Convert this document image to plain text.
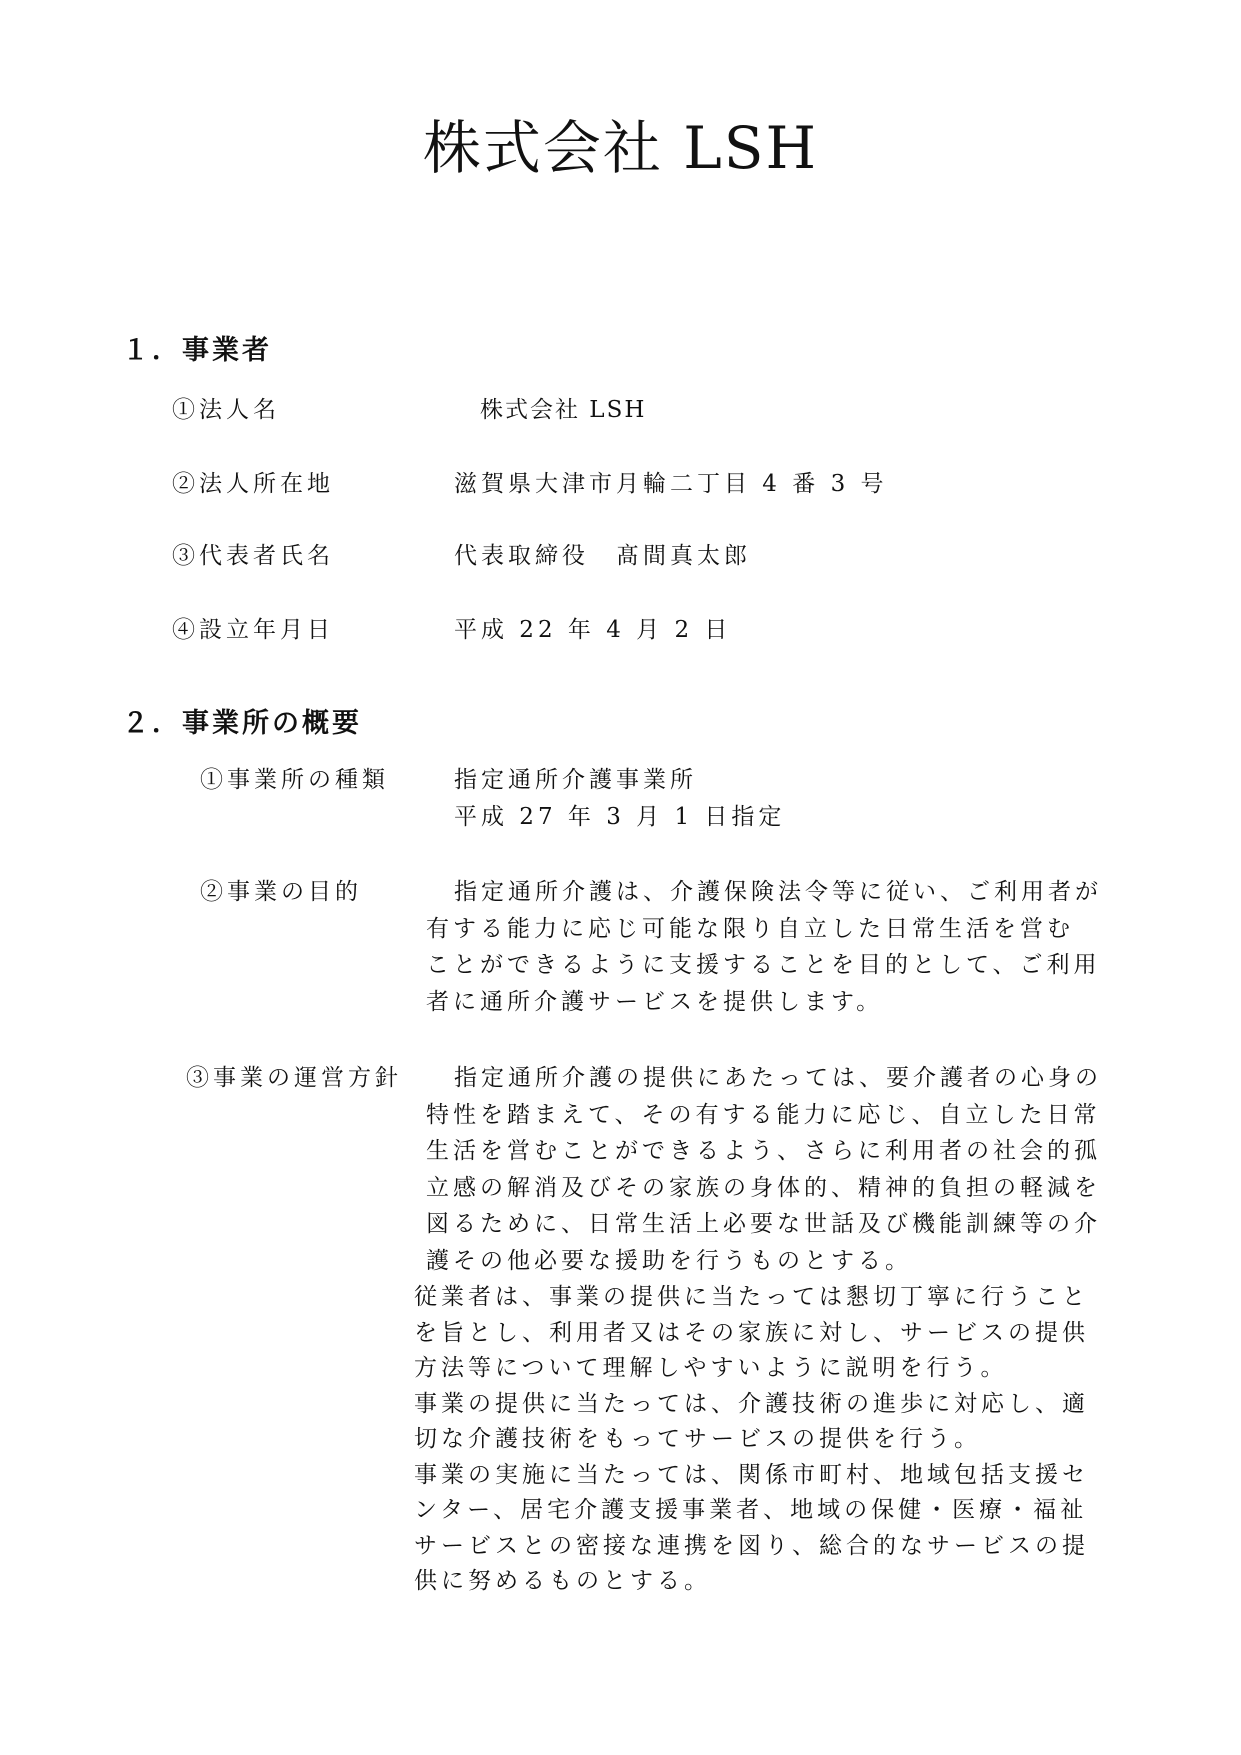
株式会社 LSH
１．事業者
①法人名	株式会社 LSH
②法人所在地	滋賀県大津市月輪二丁目 4 番 3 号
③代表者氏名	代表取締役　髙間真太郎
④設立年月日	平成 22 年 4 月 2 日
２．事業所の概要
①事業所の種類	指定通所介護事業所
平成 27 年 3 月 1 日指定
②事業の目的	指定通所介護は、介護保険法令等に従い、ご利用者が
有する能力に応じ可能な限り自立した日常生活を営む
ことができるように支援することを目的として、ご利用
者に通所介護サービスを提供します。
③事業の運営方針	指定通所介護の提供にあたっては、要介護者の心身の
特性を踏まえて、その有する能力に応じ、自立した日常
生活を営むことができるよう、さらに利用者の社会的孤
立感の解消及びその家族の身体的、精神的負担の軽減を
図るために、日常生活上必要な世話及び機能訓練等の介
護その他必要な援助を行うものとする。
従業者は、事業の提供に当たっては懇切丁寧に行うこと
を旨とし、利用者又はその家族に対し、サービスの提供
方法等について理解しやすいように説明を行う。
事業の提供に当たっては、介護技術の進歩に対応し、適
切な介護技術をもってサービスの提供を行う。
事業の実施に当たっては、関係市町村、地域包括支援セ
ンター、居宅介護支援事業者、地域の保健・医療・福祉
サービスとの密接な連携を図り、総合的なサービスの提
供に努めるものとする。
